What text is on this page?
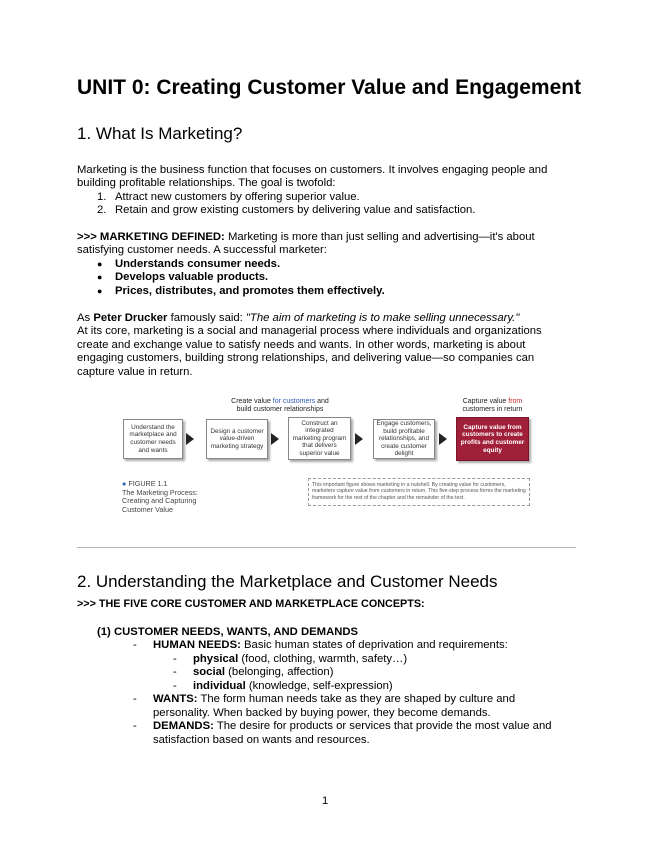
UNIT 0: Creating Customer Value and Engagement
1. What Is Marketing?
Marketing is the business function that focuses on customers. It involves engaging people and
building profitable relationships. The goal is twofold:
1. Attract new customers by offering superior value.
2. Retain and grow existing customers by delivering value and satisfaction.
>>> MARKETING DEFINED: Marketing is more than just selling and advertising—it's about
satisfying customer needs. A successful marketer:
● Understands consumer needs.
● Develops valuable products.
● Prices, distributes, and promotes them effectively.
As Peter Drucker famously said: "The aim of marketing is to make selling unnecessary."
At its core, marketing is a social and managerial process where individuals and organizations
create and exchange value to satisfy needs and wants. In other words, marketing is about
engaging customers, building strong relationships, and delivering value—so companies can
capture value in return.
Create value for customers and
build customer relationships
Capture value from
customers in return
Understand the marketplace and customer needs and wants
Design a customer value-driven marketing strategy
Construct an integrated marketing program that delivers superior value
Engage customers, build profitable relationships, and create customer delight
Capture value from customers to create profits and customer equity
● FIGURE 1.1
The Marketing Process:
Creating and Capturing
Customer Value
This important figure shows marketing in a nutshell. By creating value for customers, marketers capture value from customers in return. This five-step process forms the marketing framework for the rest of the chapter and the remainder of the text.
2. Understanding the Marketplace and Customer Needs
>>> THE FIVE CORE CUSTOMER AND MARKETPLACE CONCEPTS:
(1) CUSTOMER NEEDS, WANTS, AND DEMANDS
- HUMAN NEEDS: Basic human states of deprivation and requirements:
- physical (food, clothing, warmth, safety…)
- social (belonging, affection)
- individual (knowledge, self-expression)
- WANTS: The form human needs take as they are shaped by culture and
personality. When backed by buying power, they become demands.
- DEMANDS: The desire for products or services that provide the most value and
satisfaction based on wants and resources.
1
